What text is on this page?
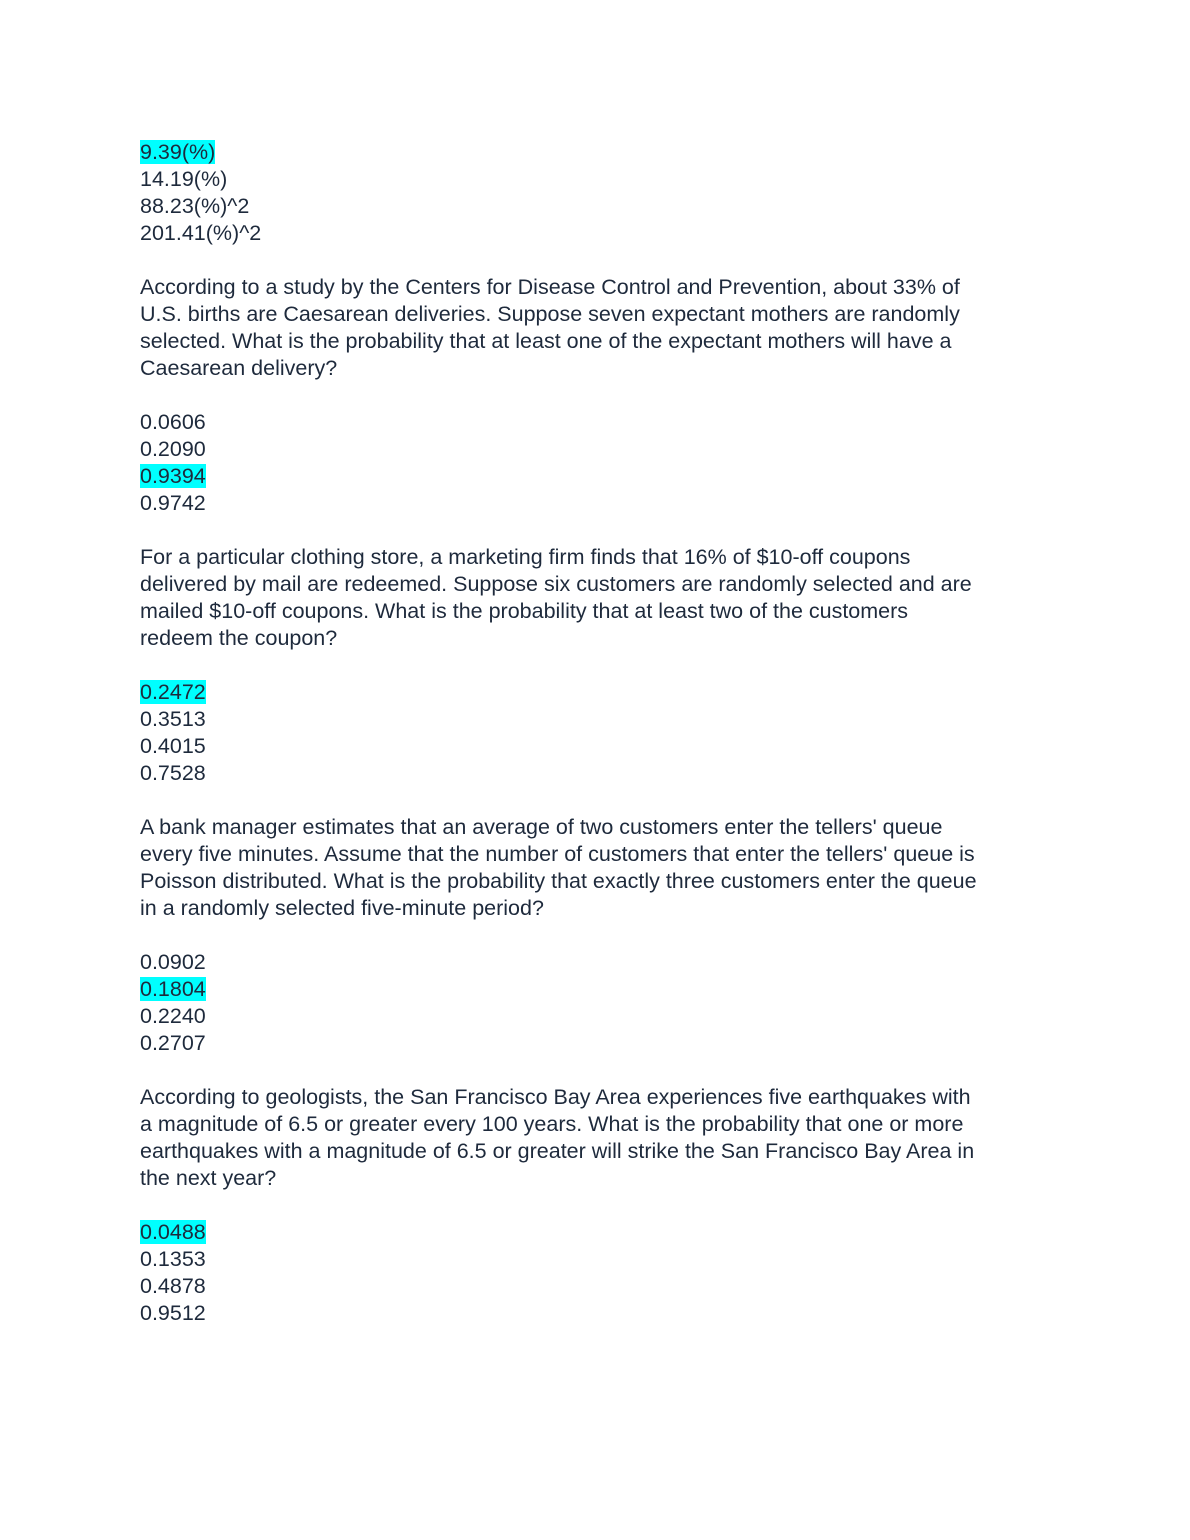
9.39(%)
14.19(%)
88.23(%)^2
201.41(%)^2
According to a study by the Centers for Disease Control and Prevention, about 33% of
U.S. births are Caesarean deliveries. Suppose seven expectant mothers are randomly
selected. What is the probability that at least one of the expectant mothers will have a
Caesarean delivery?
0.0606
0.2090
0.9394
0.9742
For a particular clothing store, a marketing firm finds that 16% of $10-off coupons
delivered by mail are redeemed. Suppose six customers are randomly selected and are
mailed $10-off coupons. What is the probability that at least two of the customers
redeem the coupon?
0.2472
0.3513
0.4015
0.7528
A bank manager estimates that an average of two customers enter the tellers' queue
every five minutes. Assume that the number of customers that enter the tellers' queue is
Poisson distributed. What is the probability that exactly three customers enter the queue
in a randomly selected five-minute period?
0.0902
0.1804
0.2240
0.2707
According to geologists, the San Francisco Bay Area experiences five earthquakes with
a magnitude of 6.5 or greater every 100 years. What is the probability that one or more
earthquakes with a magnitude of 6.5 or greater will strike the San Francisco Bay Area in
the next year?
0.0488
0.1353
0.4878
0.9512
